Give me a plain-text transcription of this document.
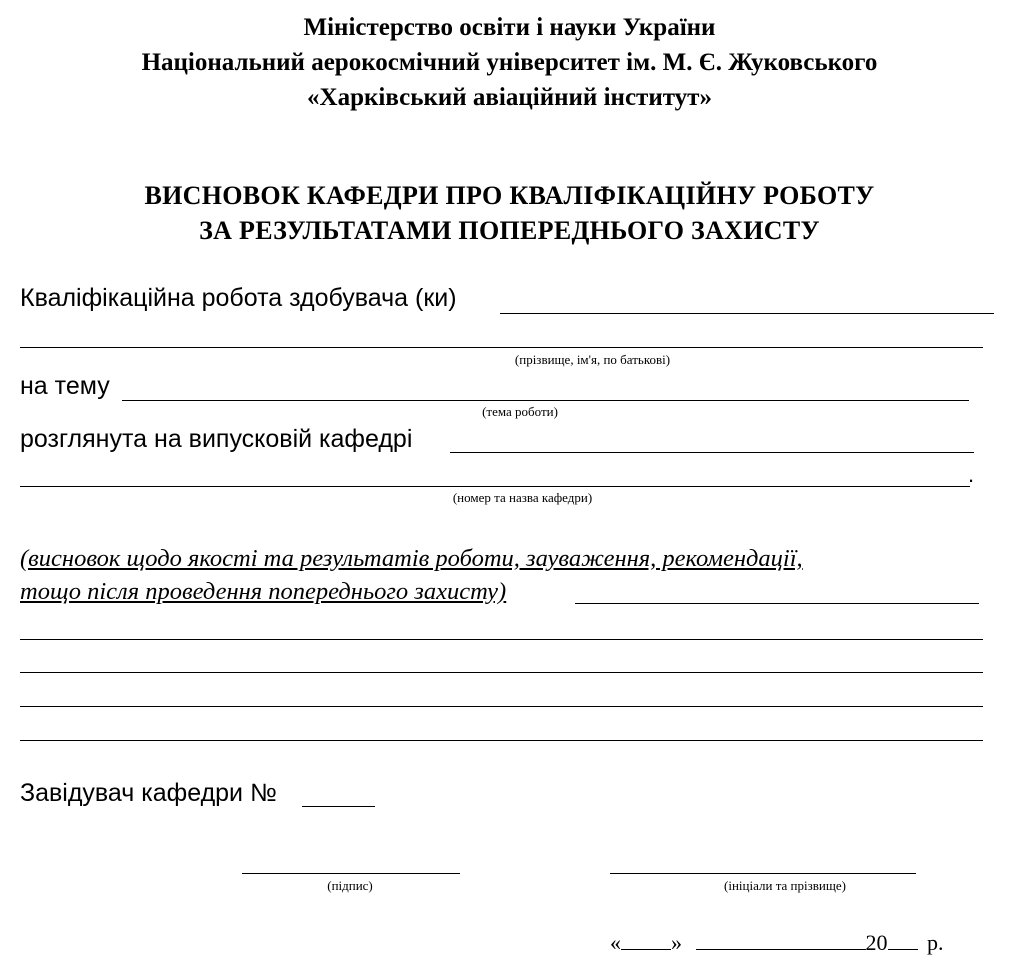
Міністерство освіти і науки України
Національний аерокосмічний університет ім. М. Є. Жуковського
«Харківський авіаційний інститут»
ВИСНОВОК КАФЕДРИ ПРО КВАЛІФІКАЦІЙНУ РОБОТУ
ЗА РЕЗУЛЬТАТАМИ ПОПЕРЕДНЬОГО ЗАХИСТУ
Кваліфікаційна робота здобувача (ки)
(прізвище, ім'я, по батькові)
на тему
(тема роботи)
розглянута на випусковій кафедрі
.
(номер та назва кафедри)
(висновок щодо якості та результатів роботи, зауваження, рекомендації,
тощо після проведення попереднього захисту)
Завідувач кафедри №
(підпис)	(ініціали та прізвище)
« »	20 р.
